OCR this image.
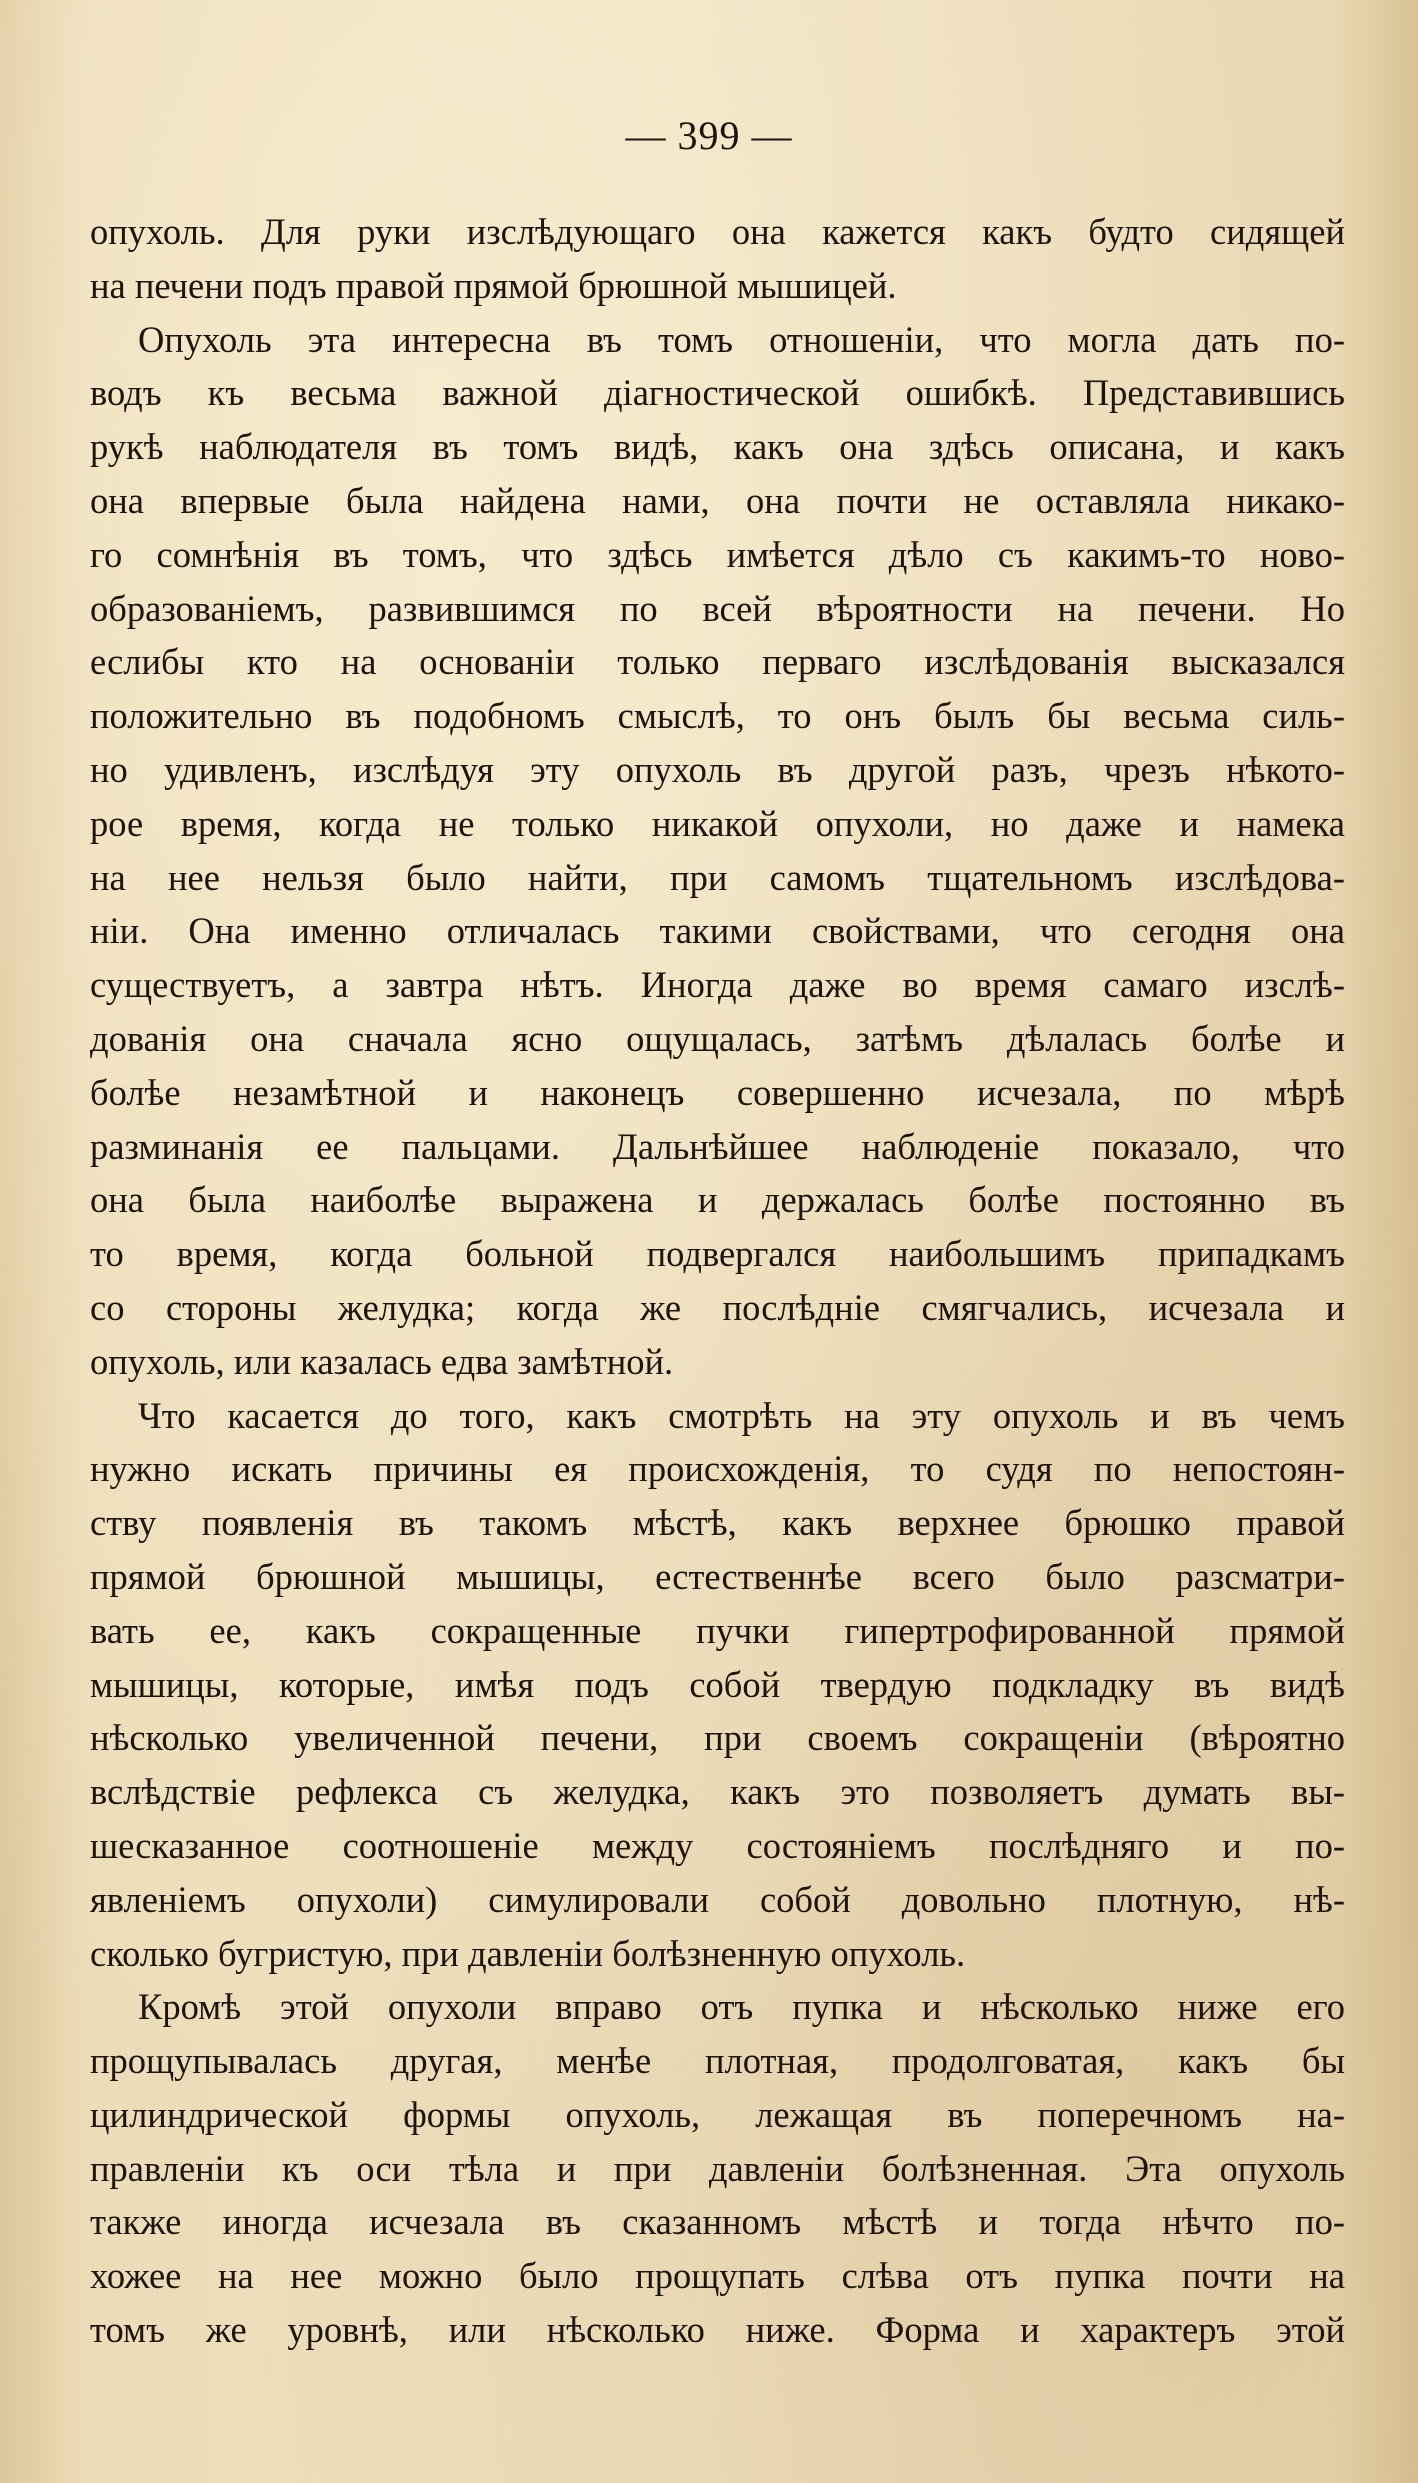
— 399 —
опухоль. Для руки изслѣдующаго она кажется какъ будто сидящей
на печени подъ правой прямой брюшной мышицей.
Опухоль эта интересна въ томъ отношеніи, что могла дать по-
водъ къ весьма важной діагностической ошибкѣ. Представившись
рукѣ наблюдателя въ томъ видѣ, какъ она здѣсь описана, и какъ
она впервые была найдена нами, она почти не оставляла никако-
го сомнѣнія въ томъ, что здѣсь имѣется дѣло съ какимъ-то ново-
образованіемъ, развившимся по всей вѣроятности на печени. Но
еслибы кто на основаніи только перваго изслѣдованія высказался
положительно въ подобномъ смыслѣ, то онъ былъ бы весьма силь-
но удивленъ, изслѣдуя эту опухоль въ другой разъ, чрезъ нѣкото-
рое время, когда не только никакой опухоли, но даже и намека
на нее нельзя было найти, при самомъ тщательномъ изслѣдова-
ніи. Она именно отличалась такими свойствами, что сегодня она
существуетъ, а завтра нѣтъ. Иногда даже во время самаго изслѣ-
дованія она сначала ясно ощущалась, затѣмъ дѣлалась болѣе и
болѣе незамѣтной и наконецъ совершенно исчезала, по мѣрѣ
разминанія ее пальцами. Дальнѣйшее наблюденіе показало, что
она была наиболѣе выражена и держалась болѣе постоянно въ
то время, когда больной подвергался наибольшимъ припадкамъ
со стороны желудка; когда же послѣдніе смягчались, исчезала и
опухоль, или казалась едва замѣтной.
Что касается до того, какъ смотрѣть на эту опухоль и въ чемъ
нужно искать причины ея происхожденія, то судя по непостоян-
ству появленія въ такомъ мѣстѣ, какъ верхнее брюшко правой
прямой брюшной мышицы, естественнѣе всего было разсматри-
вать ее, какъ сокращенные пучки гипертрофированной прямой
мышицы, которые, имѣя подъ собой твердую подкладку въ видѣ
нѣсколько увеличенной печени, при своемъ сокращеніи (вѣроятно
вслѣдствіе рефлекса съ желудка, какъ это позволяетъ думать вы-
шесказанное соотношеніе между состояніемъ послѣдняго и по-
явленіемъ опухоли) симулировали собой довольно плотную, нѣ-
сколько бугристую, при давленіи болѣзненную опухоль.
Кромѣ этой опухоли вправо отъ пупка и нѣсколько ниже его
прощупывалась другая, менѣе плотная, продолговатая, какъ бы
цилиндрической формы опухоль, лежащая въ поперечномъ на-
правленіи къ оси тѣла и при давленіи болѣзненная. Эта опухоль
также иногда исчезала въ сказанномъ мѣстѣ и тогда нѣчто по-
хожее на нее можно было прощупать слѣва отъ пупка почти на
томъ же уровнѣ, или нѣсколько ниже. Форма и характеръ этой
